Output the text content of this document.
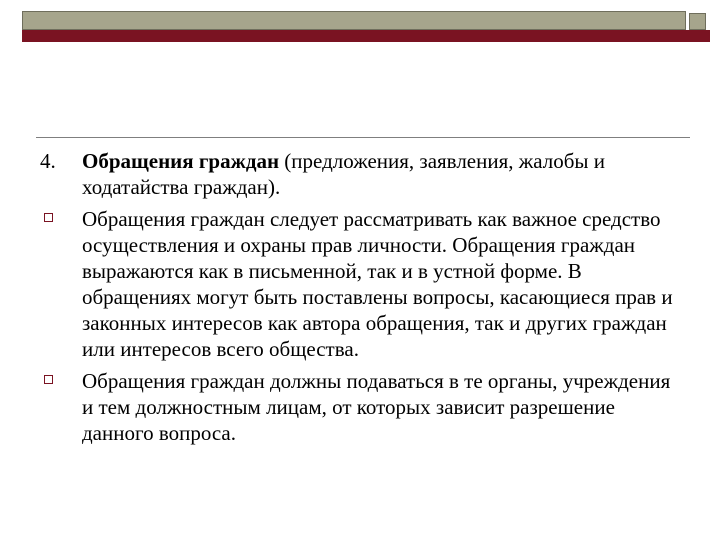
4. Обращения граждан (предложения, заявления, жалобы и ходатайства граждан).
Обращения граждан следует рассматривать как важное средство осуществления и охраны прав личности. Обращения граждан выражаются как в письменной, так и в устной форме. В обращениях могут быть поставлены вопросы, касающиеся прав и законных интересов как автора обращения, так и других граждан или интересов всего общества.
Обращения граждан должны подаваться в те органы, учреждения и тем должностным лицам, от которых зависит разрешение данного вопроса.
